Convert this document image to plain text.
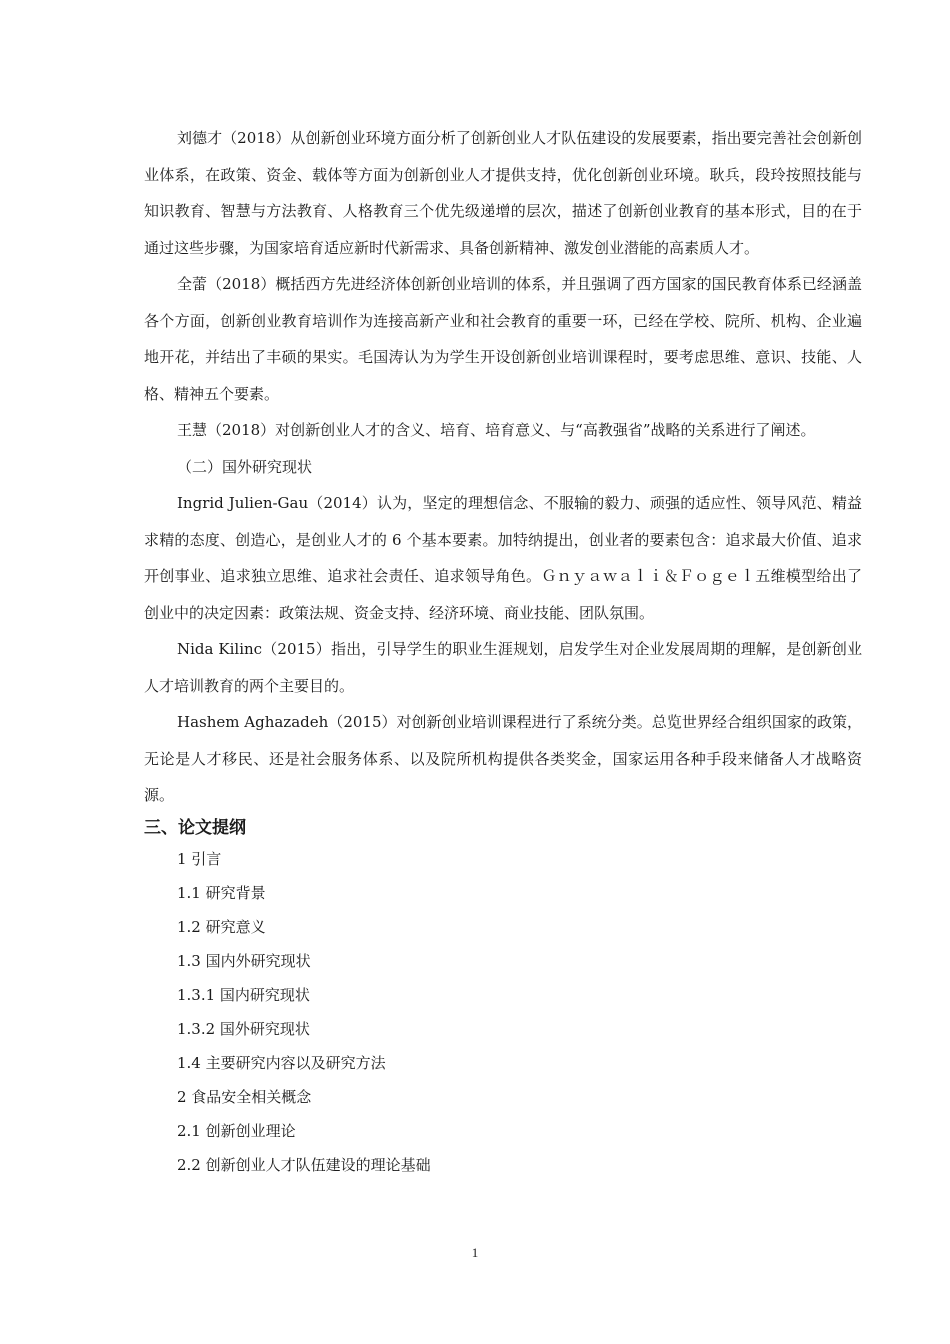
刘德才（2018）从创新创业环境方面分析了创新创业人才队伍建设的发展要素，指出要完善社会创新创业体系，在政策、资金、载体等方面为创新创业人才提供支持，优化创新创业环境。耿兵，段玲按照技能与知识教育、智慧与方法教育、人格教育三个优先级递增的层次，描述了创新创业教育的基本形式，目的在于通过这些步骤，为国家培育适应新时代新需求、具备创新精神、激发创业潜能的高素质人才。

全蕾（2018）概括西方先进经济体创新创业培训的体系，并且强调了西方国家的国民教育体系已经涵盖各个方面，创新创业教育培训作为连接高新产业和社会教育的重要一环，已经在学校、院所、机构、企业遍地开花，并结出了丰硕的果实。毛国涛认为为学生开设创新创业培训课程时，要考虑思维、意识、技能、人格、精神五个要素。

王慧（2018）对创新创业人才的含义、培育、培育意义、与“高教强省”战略的关系进行了阐述。

（二）国外研究现状

Ingrid Julien-Gau（2014）认为，坚定的理想信念、不服输的毅力、顽强的适应性、领导风范、精益求精的态度、创造心，是创业人才的 6 个基本要素。加特纳提出，创业者的要素包含：追求最大价值、追求开创事业、追求独立思维、追求社会责任、追求领导角色。Ｇｎｙａｗａｌｉ＆Ｆｏｇｅｌ五维模型给出了创业中的决定因素：政策法规、资金支持、经济环境、商业技能、团队氛围。

Nida Kilinc（2015）指出，引导学生的职业生涯规划，启发学生对企业发展周期的理解，是创新创业人才培训教育的两个主要目的。

Hashem Aghazadeh（2015）对创新创业培训课程进行了系统分类。总览世界经合组织国家的政策，无论是人才移民、还是社会服务体系、以及院所机构提供各类奖金，国家运用各种手段来储备人才战略资源。

三、论文提纲
1 引言
1.1 研究背景
1.2 研究意义
1.3 国内外研究现状
1.3.1 国内研究现状
1.3.2 国外研究现状
1.4 主要研究内容以及研究方法
2 食品安全相关概念
2.1 创新创业理论
2.2 创新创业人才队伍建设的理论基础
1
